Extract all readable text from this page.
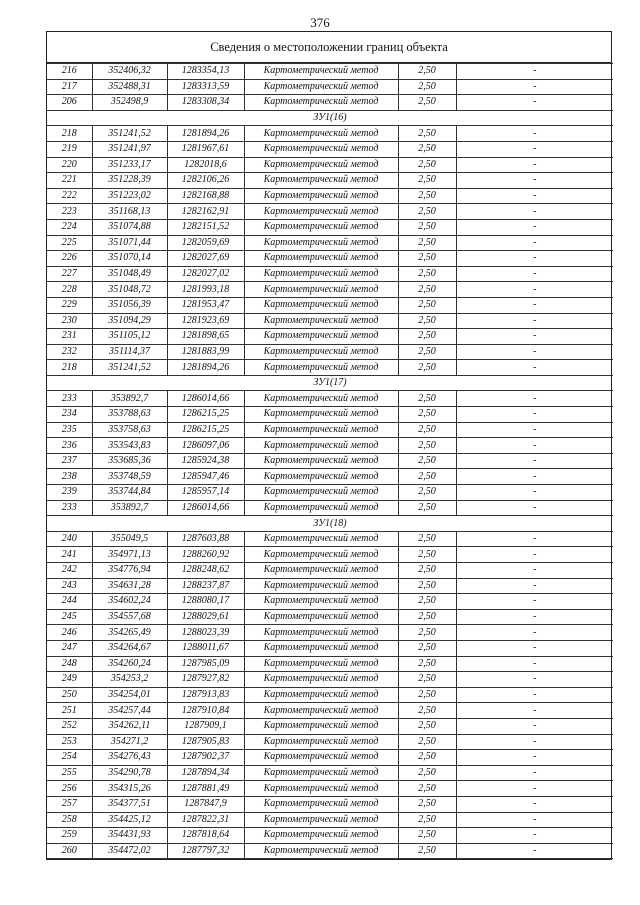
376
Сведения о местоположении границ объекта
216	352406,32	1283354,13	Картометрический метод	2,50	-
217	352488,31	1283313,59	Картометрический метод	2,50	-
206	352498,9	1283308,34	Картометрический метод	2,50	-
ЗУ1(16)					
218	351241,52	1281894,26	Картометрический метод	2,50	-
219	351241,97	1281967,61	Картометрический метод	2,50	-
220	351233,17	1282018,6	Картометрический метод	2,50	-
221	351228,39	1282106,26	Картометрический метод	2,50	-
222	351223,02	1282168,88	Картометрический метод	2,50	-
223	351168,13	1282162,91	Картометрический метод	2,50	-
224	351074,88	1282151,52	Картометрический метод	2,50	-
225	351071,44	1282059,69	Картометрический метод	2,50	-
226	351070,14	1282027,69	Картометрический метод	2,50	-
227	351048,49	1282027,02	Картометрический метод	2,50	-
228	351048,72	1281993,18	Картометрический метод	2,50	-
229	351056,39	1281953,47	Картометрический метод	2,50	-
230	351094,29	1281923,69	Картометрический метод	2,50	-
231	351105,12	1281898,65	Картометрический метод	2,50	-
232	351114,37	1281883,99	Картометрический метод	2,50	-
218	351241,52	1281894,26	Картометрический метод	2,50	-
ЗУ1(17)					
233	353892,7	1286014,66	Картометрический метод	2,50	-
234	353788,63	1286215,25	Картометрический метод	2,50	-
235	353758,63	1286215,25	Картометрический метод	2,50	-
236	353543,83	1286097,06	Картометрический метод	2,50	-
237	353685,36	1285924,38	Картометрический метод	2,50	-
238	353748,59	1285947,46	Картометрический метод	2,50	-
239	353744,84	1285957,14	Картометрический метод	2,50	-
233	353892,7	1286014,66	Картометрический метод	2,50	-
ЗУ1(18)					
240	355049,5	1287603,88	Картометрический метод	2,50	-
241	354971,13	1288260,92	Картометрический метод	2,50	-
242	354776,94	1288248,62	Картометрический метод	2,50	-
243	354631,28	1288237,87	Картометрический метод	2,50	-
244	354602,24	1288080,17	Картометрический метод	2,50	-
245	354557,68	1288029,61	Картометрический метод	2,50	-
246	354265,49	1288023,39	Картометрический метод	2,50	-
247	354264,67	1288011,67	Картометрический метод	2,50	-
248	354260,24	1287985,09	Картометрический метод	2,50	-
249	354253,2	1287927,82	Картометрический метод	2,50	-
250	354254,01	1287913,83	Картометрический метод	2,50	-
251	354257,44	1287910,84	Картометрический метод	2,50	-
252	354262,11	1287909,1	Картометрический метод	2,50	-
253	354271,2	1287905,83	Картометрический метод	2,50	-
254	354276,43	1287902,37	Картометрический метод	2,50	-
255	354290,78	1287894,34	Картометрический метод	2,50	-
256	354315,26	1287881,49	Картометрический метод	2,50	-
257	354377,51	1287847,9	Картометрический метод	2,50	-
258	354425,12	1287822,31	Картометрический метод	2,50	-
259	354431,93	1287818,64	Картометрический метод	2,50	-
260	354472,02	1287797,32	Картометрический метод	2,50	-
